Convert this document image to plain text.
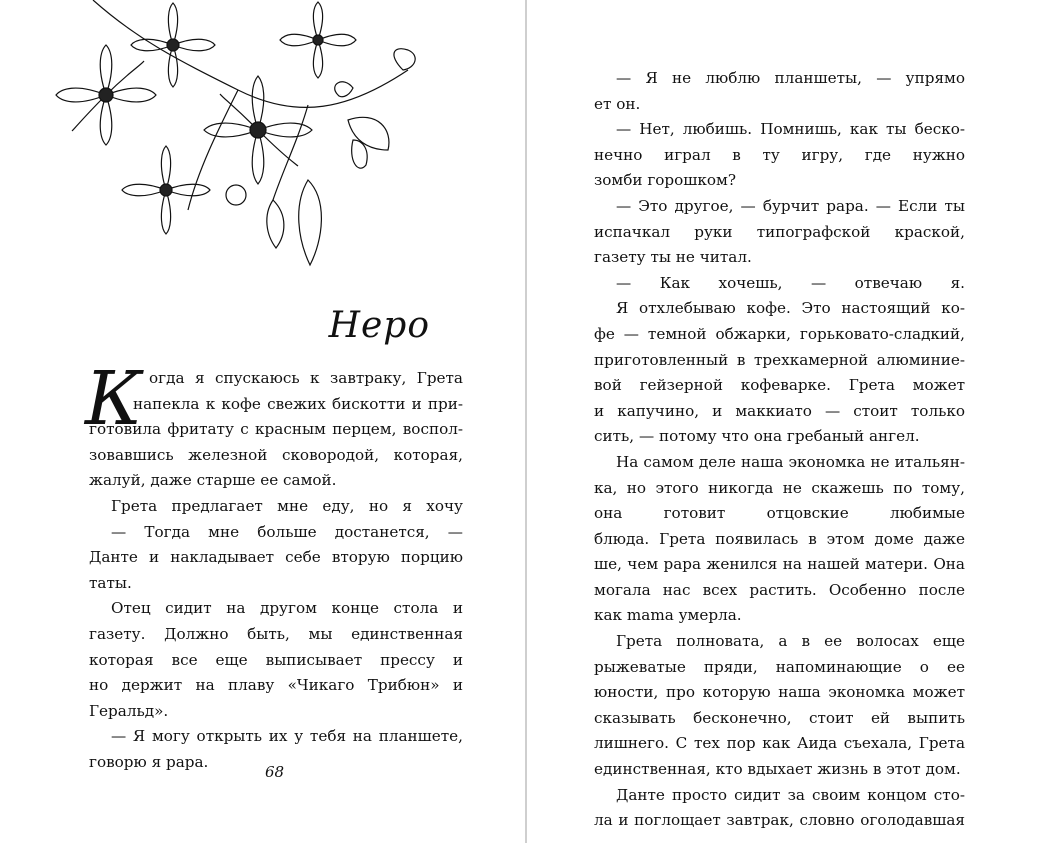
Неро
К огда я спускаюсь к завтраку, Грета
напекла к кофе свежих бискотти и при-
готовила фритату с красным перцем, воспол-
зовавшись железной сковородой, которая,
жалуй, даже старше ее самой.
Грета предлагает мне еду, но я хочу
— Тогда мне больше достанется, —
Данте и накладывает себе вторую порцию
таты.
Отец сидит на другом конце стола и
газету. Должно быть, мы единственная
которая все еще выписывает прессу и
но держит на плаву «Чикаго Трибюн» и
Геральд».
— Я могу открыть их у тебя на планшете,
говорю я papa.
68
— Я не люблю планшеты, — упрямо
ет он.
— Нет, любишь. Помнишь, как ты бескo-
нечно играл в ту игру, где нужно
зомби горошком?
— Это другое, — бурчит papa. — Если ты
испачкал руки типографской краской,
газету ты не читал.
— Как хочешь, — отвечаю я.
Я отхлебываю кофе. Это настоящий ко-
фе — темной обжарки, горьковато-сладкий,
приготовленный в трехкамерной алюминие-
вой гейзерной кофеварке. Грета может
и капучино, и маккиато — стоит только
сить, — потому что она гребаный ангел.
На самом деле наша экономка не итальян-
ка, но этого никогда не скажешь по тому,
она готовит отцовские любимые
блюда. Грета появилась в этом доме даже
ше, чем papa женился на нашей матери. Она
могала нас всех растить. Особенно после
как mama умерла.
Грета полновата, а в ее волосах еще
рыжеватые пряди, напоминающие о ее
юности, про которую наша экономка может
сказывать бесконечно, стоит ей выпить
лишнего. С тех пор как Аида съехала, Грета
единственная, кто вдыхает жизнь в этот дом.
Данте просто сидит за своим концом сто-
ла и поглощает завтрак, словно оголодавшая
